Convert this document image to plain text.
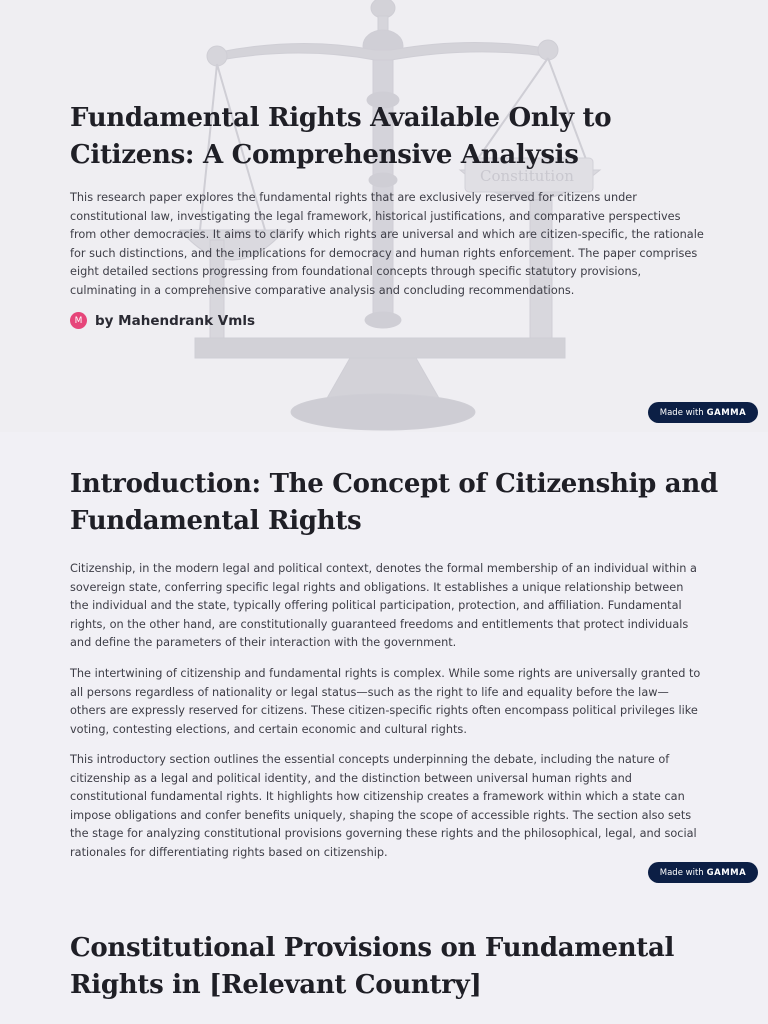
Constitution
Fundamental Rights Available Only to Citizens: A Comprehensive Analysis

This research paper explores the fundamental rights that are exclusively reserved for citizens under constitutional law, investigating the legal framework, historical justifications, and comparative perspectives from other democracies. It aims to clarify which rights are universal and which are citizen-specific, the rationale for such distinctions, and the implications for democracy and human rights enforcement. The paper comprises eight detailed sections progressing from foundational concepts through specific statutory provisions, culminating in a comprehensive comparative analysis and concluding recommendations.

M by Mahendrank Vmls
Made with GAMMA
Introduction: The Concept of Citizenship and Fundamental Rights

Citizenship, in the modern legal and political context, denotes the formal membership of an individual within a sovereign state, conferring specific legal rights and obligations. It establishes a unique relationship between the individual and the state, typically offering political participation, protection, and affiliation. Fundamental rights, on the other hand, are constitutionally guaranteed freedoms and entitlements that protect individuals and define the parameters of their interaction with the government.

The intertwining of citizenship and fundamental rights is complex. While some rights are universally granted to all persons regardless of nationality or legal status—such as the right to life and equality before the law—others are expressly reserved for citizens. These citizen-specific rights often encompass political privileges like voting, contesting elections, and certain economic and cultural rights.

This introductory section outlines the essential concepts underpinning the debate, including the nature of citizenship as a legal and political identity, and the distinction between universal human rights and constitutional fundamental rights. It highlights how citizenship creates a framework within which a state can impose obligations and confer benefits uniquely, shaping the scope of accessible rights. The section also sets the stage for analyzing constitutional provisions governing these rights and the philosophical, legal, and social rationales for differentiating rights based on citizenship.

Made with GAMMA
Constitutional Provisions on Fundamental Rights in [Relevant Country]
